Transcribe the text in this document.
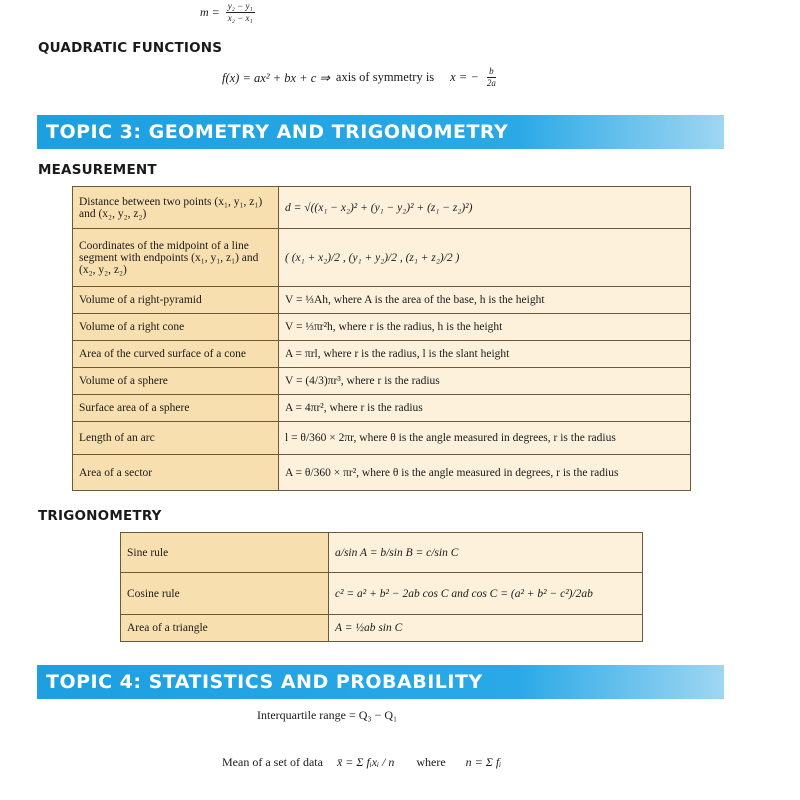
$m = \frac{\text{y₂ − y₁}}{\text{x₂ − x₁}}$
QUADRATIC FUNCTIONS
f(x) = ax² + bx + c ⇒ axis of symmetry is x = − $\frac{b}{2a}$
TOPIC 3: GEOMETRY AND TRIGONOMETRY
MEASUREMENT
Distance between two points (x₁, y₁, z₁) and (x₂, y₂, z₂)	d = √((x₁ − x₂)² + (y₁ − y₂)² + (z₁ − z₂)²)
Coordinates of the midpoint of a line segment with endpoints (x₁, y₁, z₁) and (x₂, y₂, z₂)	( (x₁ + x₂)/2 , (y₁ + y₂)/2 , (z₁ + z₂)/2 )
Volume of a right-pyramid	V = ⅓Ah, where A is the area of the base, h is the height
Volume of a right cone	V = ⅓πr²h, where r is the radius, h is the height
Area of the curved surface of a cone	A = πrl, where r is the radius, l is the slant height
Volume of a sphere	V = (4/3)πr³, where r is the radius
Surface area of a sphere	A = 4πr², where r is the radius
Length of an arc	l = θ/360 × 2πr, where θ is the angle measured in degrees, r is the radius
Area of a sector	A = θ/360 × πr², where θ is the angle measured in degrees, r is the radius
TRIGONOMETRY
Sine rule	a/sin A = b/sin B = c/sin C
Cosine rule	c² = a² + b² − 2ab cos C and cos C = (a² + b² − c²)/2ab
Area of a triangle	A = ½ab sin C
TOPIC 4: STATISTICS AND PROBABILITY
Interquartile range = Q₃ − Q₁
Mean of a set of data x̄ = Σ fᵢxᵢ / n where n = Σ fᵢ
